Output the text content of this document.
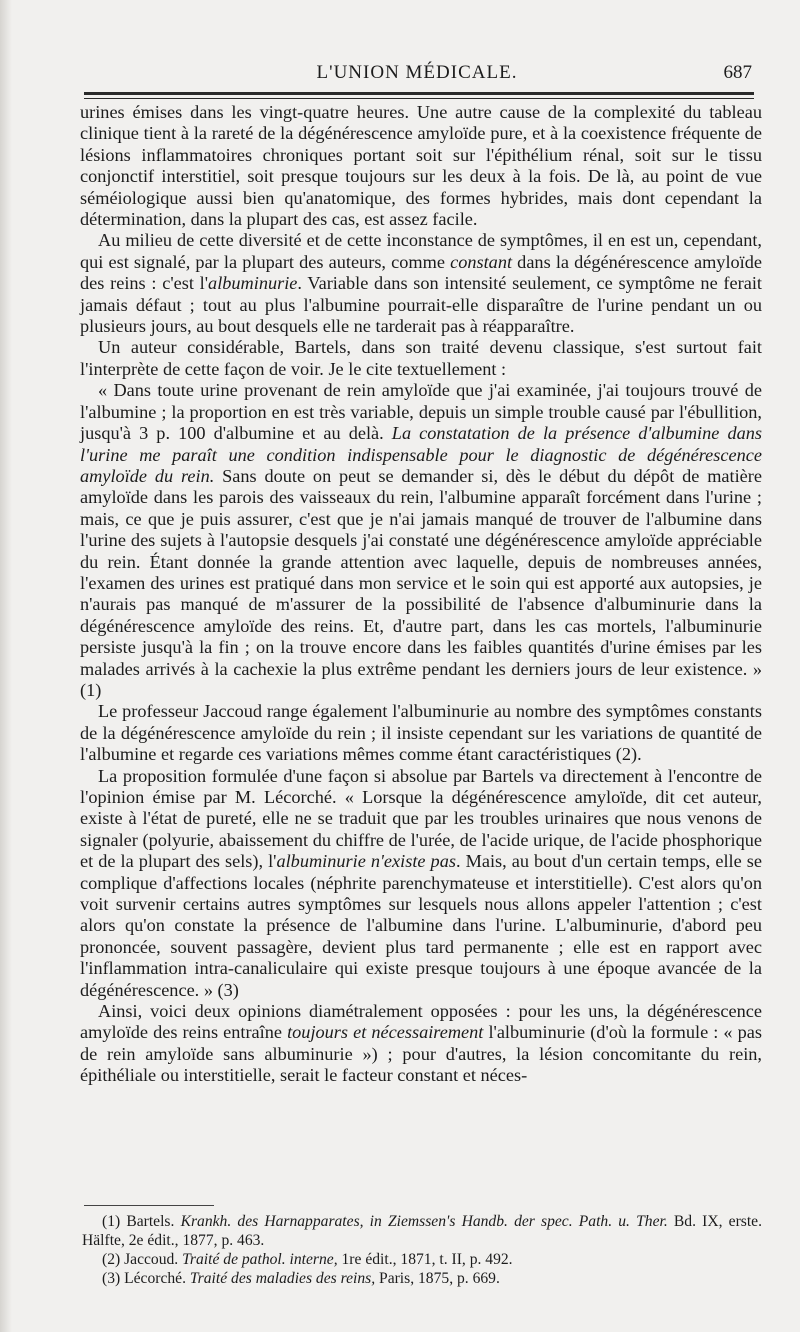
L'UNION MÉDICALE.	687

urines émises dans les vingt-quatre heures. Une autre cause de la complexité du tableau clinique tient à la rareté de la dégénérescence amyloïde pure, et à la coexistence fréquente de lésions inflammatoires chroniques portant soit sur l'épithélium rénal, soit sur le tissu conjonctif interstitiel, soit presque toujours sur les deux à la fois. De là, au point de vue séméiologique aussi bien qu'anatomique, des formes hybrides, mais dont cependant la détermination, dans la plupart des cas, est assez facile.

Au milieu de cette diversité et de cette inconstance de symptômes, il en est un, cependant, qui est signalé, par la plupart des auteurs, comme constant dans la dégénérescence amyloïde des reins : c'est l'albuminurie. Variable dans son intensité seulement, ce symptôme ne ferait jamais défaut ; tout au plus l'albumine pourrait-elle disparaître de l'urine pendant un ou plusieurs jours, au bout desquels elle ne tarderait pas à réapparaître.

Un auteur considérable, Bartels, dans son traité devenu classique, s'est surtout fait l'interprète de cette façon de voir. Je le cite textuellement :

« Dans toute urine provenant de rein amyloïde que j'ai examinée, j'ai toujours trouvé de l'albumine ; la proportion en est très variable, depuis un simple trouble causé par l'ébullition, jusqu'à 3 p. 100 d'albumine et au delà. La constatation de la présence d'albumine dans l'urine me paraît une condition indispensable pour le diagnostic de dégénérescence amyloïde du rein. Sans doute on peut se demander si, dès le début du dépôt de matière amyloïde dans les parois des vaisseaux du rein, l'albumine apparaît forcément dans l'urine ; mais, ce que je puis assurer, c'est que je n'ai jamais manqué de trouver de l'albumine dans l'urine des sujets à l'autopsie desquels j'ai constaté une dégénérescence amyloïde appréciable du rein. Étant donnée la grande attention avec laquelle, depuis de nombreuses années, l'examen des urines est pratiqué dans mon service et le soin qui est apporté aux autopsies, je n'aurais pas manqué de m'assurer de la possibilité de l'absence d'albuminurie dans la dégénérescence amyloïde des reins. Et, d'autre part, dans les cas mortels, l'albuminurie persiste jusqu'à la fin ; on la trouve encore dans les faibles quantités d'urine émises par les malades arrivés à la cachexie la plus extrême pendant les derniers jours de leur existence. » (1)

Le professeur Jaccoud range également l'albuminurie au nombre des symptômes constants de la dégénérescence amyloïde du rein ; il insiste cependant sur les variations de quantité de l'albumine et regarde ces variations mêmes comme étant caractéristiques (2).

La proposition formulée d'une façon si absolue par Bartels va directement à l'encontre de l'opinion émise par M. Lécorché. « Lorsque la dégénérescence amyloïde, dit cet auteur, existe à l'état de pureté, elle ne se traduit que par les troubles urinaires que nous venons de signaler (polyurie, abaissement du chiffre de l'urée, de l'acide urique, de l'acide phosphorique et de la plupart des sels), l'albuminurie n'existe pas. Mais, au bout d'un certain temps, elle se complique d'affections locales (néphrite parenchymateuse et interstitielle). C'est alors qu'on voit survenir certains autres symptômes sur lesquels nous allons appeler l'attention ; c'est alors qu'on constate la présence de l'albumine dans l'urine. L'albuminurie, d'abord peu prononcée, souvent passagère, devient plus tard permanente ; elle est en rapport avec l'inflammation intra-canaliculaire qui existe presque toujours à une époque avancée de la dégénérescence. » (3)

Ainsi, voici deux opinions diamétralement opposées : pour les uns, la dégénérescence amyloïde des reins entraîne toujours et nécessairement l'albuminurie (d'où la formule : « pas de rein amyloïde sans albuminurie ») ; pour d'autres, la lésion concomitante du rein, épithéliale ou interstitielle, serait le facteur constant et néces-

(1) Bartels. Krankh. des Harnapparates, in Ziemssen's Handb. der spec. Path. u. Ther. Bd. IX, erste. Hälfte, 2e édit., 1877, p. 463.

(2) Jaccoud. Traité de pathol. interne, 1re édit., 1871, t. II, p. 492.

(3) Lécorché. Traité des maladies des reins, Paris, 1875, p. 669.
